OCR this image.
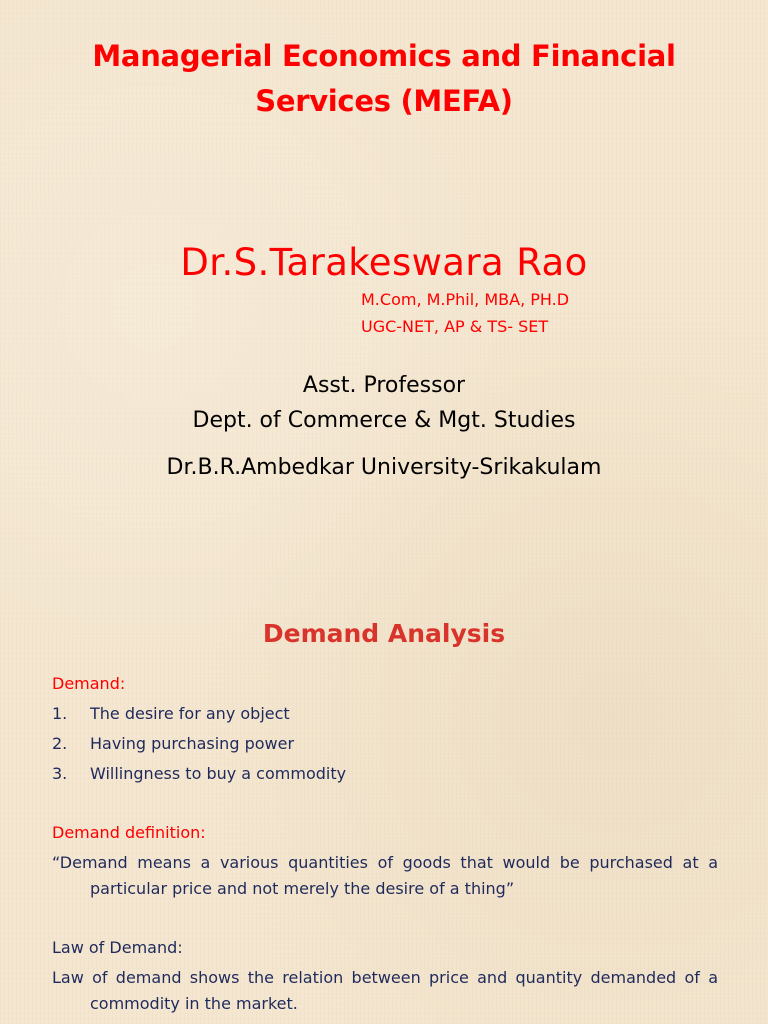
Managerial Economics and Financial
Services (MEFA)
Dr.S.Tarakeswara Rao
M.Com, M.Phil, MBA, PH.D
UGC-NET, AP & TS- SET
Asst. Professor
Dept. of Commerce & Mgt. Studies
Dr.B.R.Ambedkar University-Srikakulam
Demand Analysis
Demand:
1. The desire for any object
2. Having purchasing power
3. Willingness to buy a commodity
Demand definition:
“Demand means a various quantities of goods that would be purchased at a particular price and not merely the desire of a thing”
Law of Demand:
Law of demand shows the relation between price and quantity demanded of a commodity in the market.
